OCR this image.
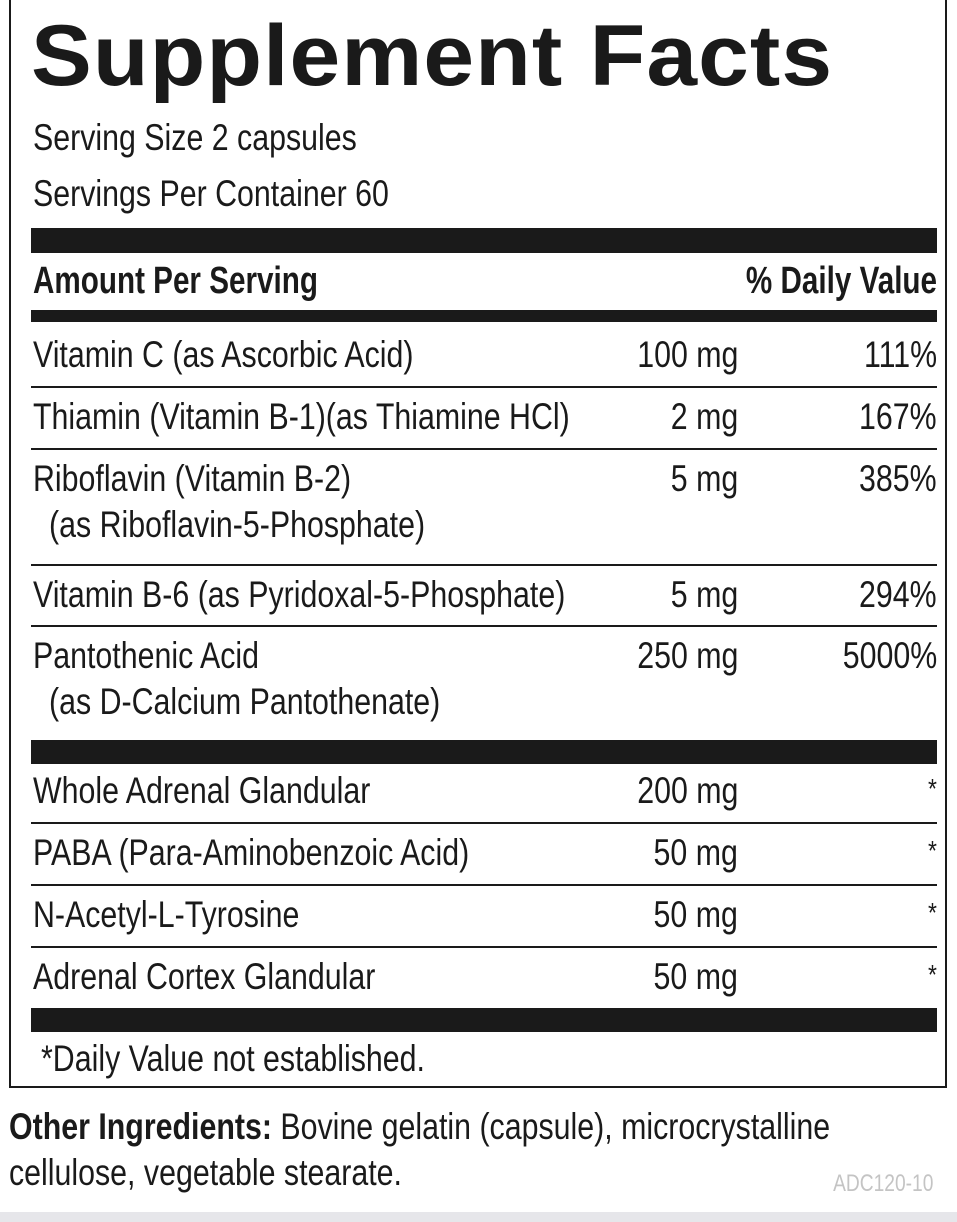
Supplement Facts
Serving Size 2 capsules
Servings Per Container 60
Amount Per Serving	% Daily Value
Vitamin C (as Ascorbic Acid)	100 mg	111%
Thiamin (Vitamin B-1)(as Thiamine HCl)	2 mg	167%
Riboflavin (Vitamin B-2)
(as Riboflavin-5-Phosphate)
5 mg	385%
Vitamin B-6 (as Pyridoxal-5-Phosphate)	5 mg	294%
Pantothenic Acid
(as D-Calcium Pantothenate)
250 mg	5000%
Whole Adrenal Glandular	200 mg	*
PABA (Para-Aminobenzoic Acid)	50 mg	*
N-Acetyl-L-Tyrosine	50 mg	*
Adrenal Cortex Glandular	50 mg	*
*Daily Value not established.
Other Ingredients: Bovine gelatin (capsule), microcrystalline cellulose, vegetable stearate.	ADC120-10
